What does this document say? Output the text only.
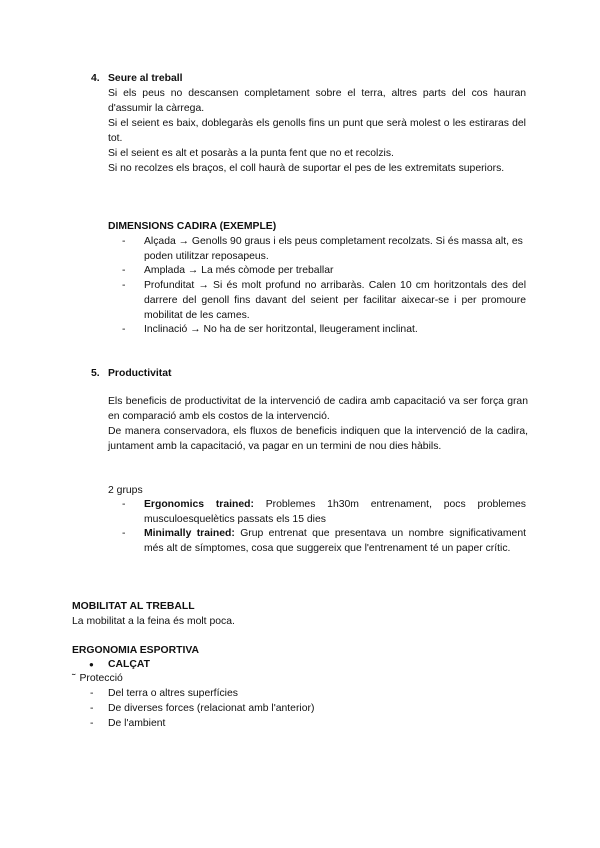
4. Seure al treball
Si els peus no descansen completament sobre el terra, altres parts del cos hauran d'assumir la càrrega.
Si el seient es baix, doblegaràs els genolls fins un punt que serà molest o les estiraras del tot.
Si el seient es alt et posaràs a la punta fent que no et recolzis.
Si no recolzes els braços, el coll haurà de suportar el pes de les extremitats superiors.
DIMENSIONS CADIRA (EXEMPLE)
- Alçada → Genolls 90 graus i els peus completament recolzats. Si és massa alt, es poden utilitzar reposapeus.
- Amplada → La més còmode per treballar
- Profunditat → Si és molt profund no arribaràs. Calen 10 cm horitzontals des del darrere del genoll fins davant del seient per facilitar aixecar-se i per promoure mobilitat de les cames.
- Inclinació → No ha de ser horitzontal, lleugerament inclinat.
5. Productivitat
Els beneficis de productivitat de la intervenció de cadira amb capacitació va ser força gran en comparació amb els costos de la intervenció.
De manera conservadora, els fluxos de beneficis indiquen que la intervenció de la cadira, juntament amb la capacitació, va pagar en un termini de nou dies hàbils.
2 grups
- Ergonomics trained: Problemes 1h30m entrenament, pocs problemes musculoesquelètics passats els 15 dies
- Minimally trained: Grup entrenat que presentava un nombre significativament més alt de símptomes, cosa que suggereix que l'entrenament té un paper crític.
MOBILITAT AL TREBALL
La mobilitat a la feina és molt poca.
ERGONOMIA ESPORTIVA
● CALÇAT
˜ Protecció
- Del terra o altres superfícies
- De diverses forces (relacionat amb l'anterior)
- De l'ambient
